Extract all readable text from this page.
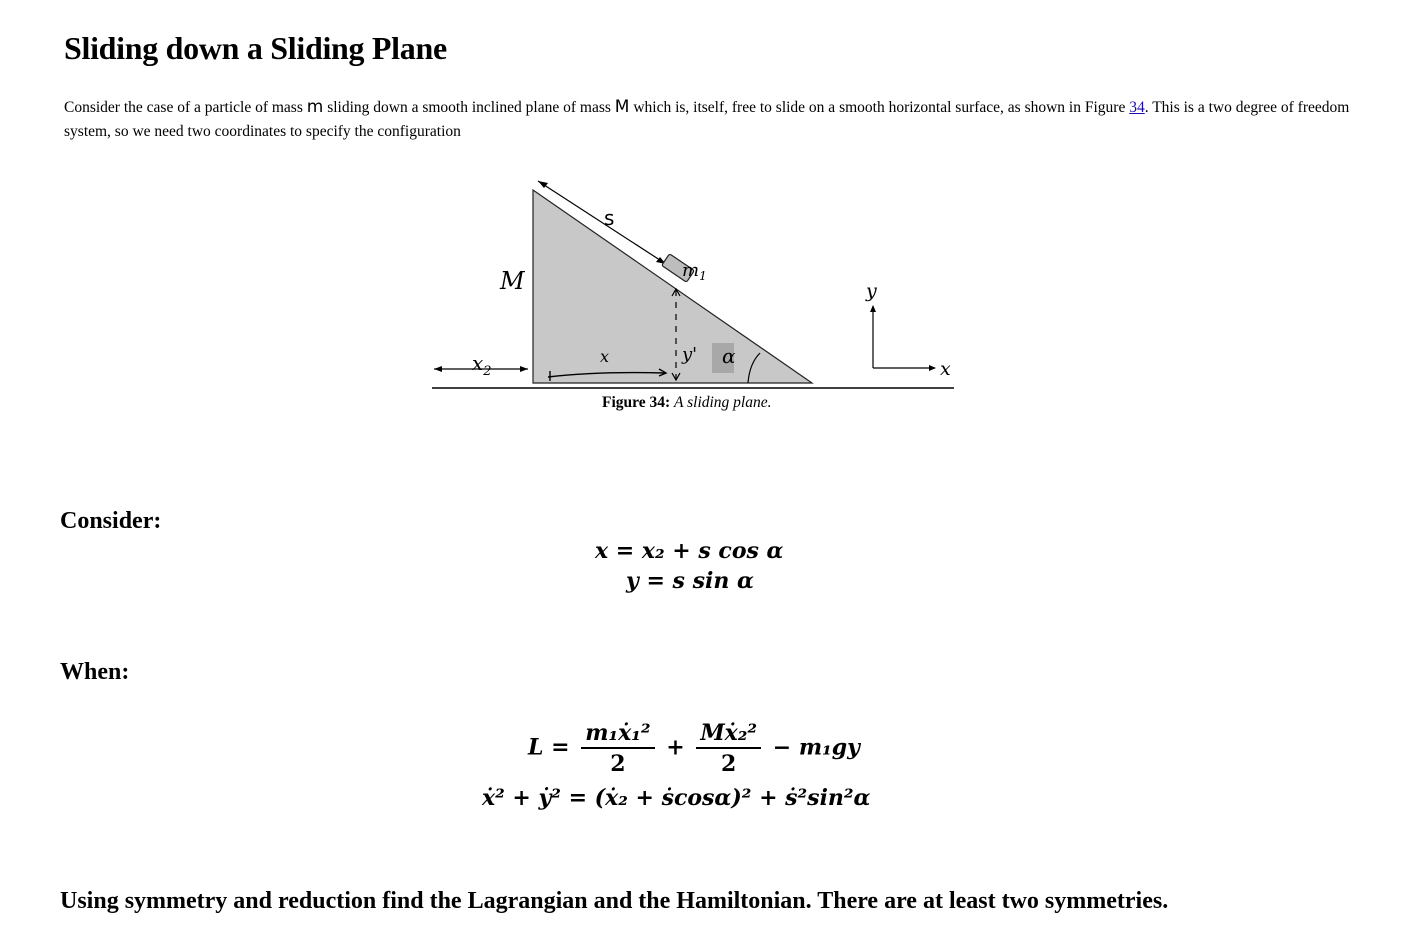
Sliding down a Sliding Plane
Consider the case of a particle of mass m sliding down a smooth inclined plane of mass M which is, itself, free to slide on a smooth horizontal surface, as shown in Figure 34. This is a two degree of freedom system, so we need two coordinates to specify the configuration
M
$x_2$
y
x
s
$m_1$
x	y' α
Figure 34: A sliding plane.
Consider:
x = x₂ + s cos α
y = s sin α
When:
$L = \frac{\text{m₁ẋ₁²}}{2} + \frac{\text{Mẋ₂²}}{2} - m_1gy$
ẋ² + ẏ² = (ẋ₂ + ṡcosα)² + ṡ²sin²α
Using symmetry and reduction find the Lagrangian and the Hamiltonian. There are at least two symmetries.
